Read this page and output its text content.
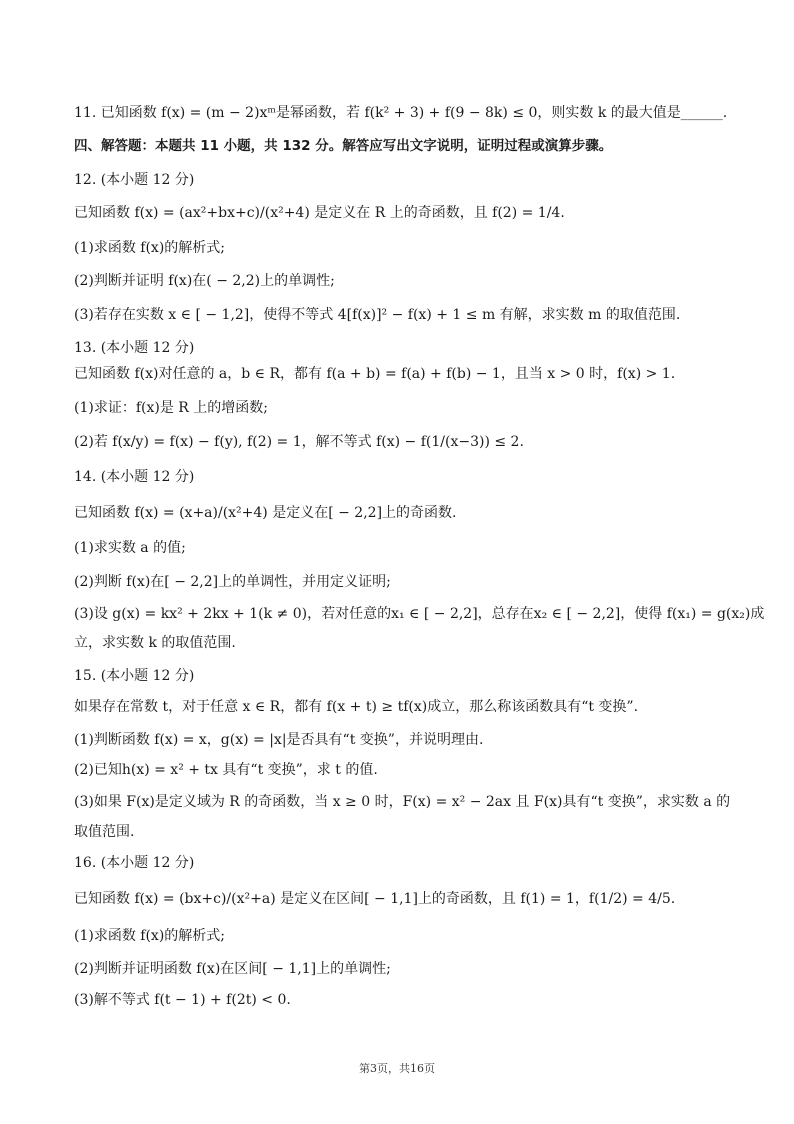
11. 已知函数 f(x) = (m − 2)xᵐ是幂函数，若 f(k² + 3) + f(9 − 8k) ≤ 0，则实数 k 的最大值是______.
四、解答题：本题共 11 小题，共 132 分。解答应写出文字说明，证明过程或演算步骤。
12. (本小题 12 分)
已知函数 f(x) = (ax²+bx+c)/(x²+4) 是定义在 R 上的奇函数，且 f(2) = 1/4.
(1)求函数 f(x)的解析式;
(2)判断并证明 f(x)在( − 2,2)上的单调性;
(3)若存在实数 x ∈ [ − 1,2]，使得不等式 4[f(x)]² − f(x) + 1 ≤ m 有解，求实数 m 的取值范围.
13. (本小题 12 分)
已知函数 f(x)对任意的 a，b ∈ R，都有 f(a + b) = f(a) + f(b) − 1，且当 x > 0 时，f(x) > 1.
(1)求证：f(x)是 R 上的增函数;
(2)若 f(x/y) = f(x) − f(y), f(2) = 1，解不等式 f(x) − f(1/(x−3)) ≤ 2.
14. (本小题 12 分)
已知函数 f(x) = (x+a)/(x²+4) 是定义在[ − 2,2]上的奇函数.
(1)求实数 a 的值;
(2)判断 f(x)在[ − 2,2]上的单调性，并用定义证明;
(3)设 g(x) = kx² + 2kx + 1(k ≠ 0)，若对任意的x₁ ∈ [ − 2,2]，总存在x₂ ∈ [ − 2,2]，使得 f(x₁) = g(x₂)成
立，求实数 k 的取值范围.
15. (本小题 12 分)
如果存在常数 t，对于任意 x ∈ R，都有 f(x + t) ≥ tf(x)成立，那么称该函数具有“t 变换”.
(1)判断函数 f(x) = x，g(x) = |x|是否具有“t 变换”，并说明理由.
(2)已知h(x) = x² + tx 具有“t 变换”，求 t 的值.
(3)如果 F(x)是定义域为 R 的奇函数，当 x ≥ 0 时，F(x) = x² − 2ax 且 F(x)具有“t 变换”，求实数 a 的
取值范围.
16. (本小题 12 分)
已知函数 f(x) = (bx+c)/(x²+a) 是定义在区间[ − 1,1]上的奇函数，且 f(1) = 1，f(1/2) = 4/5.
(1)求函数 f(x)的解析式;
(2)判断并证明函数 f(x)在区间[ − 1,1]上的单调性;
(3)解不等式 f(t − 1) + f(2t) < 0.
第3页，共16页
